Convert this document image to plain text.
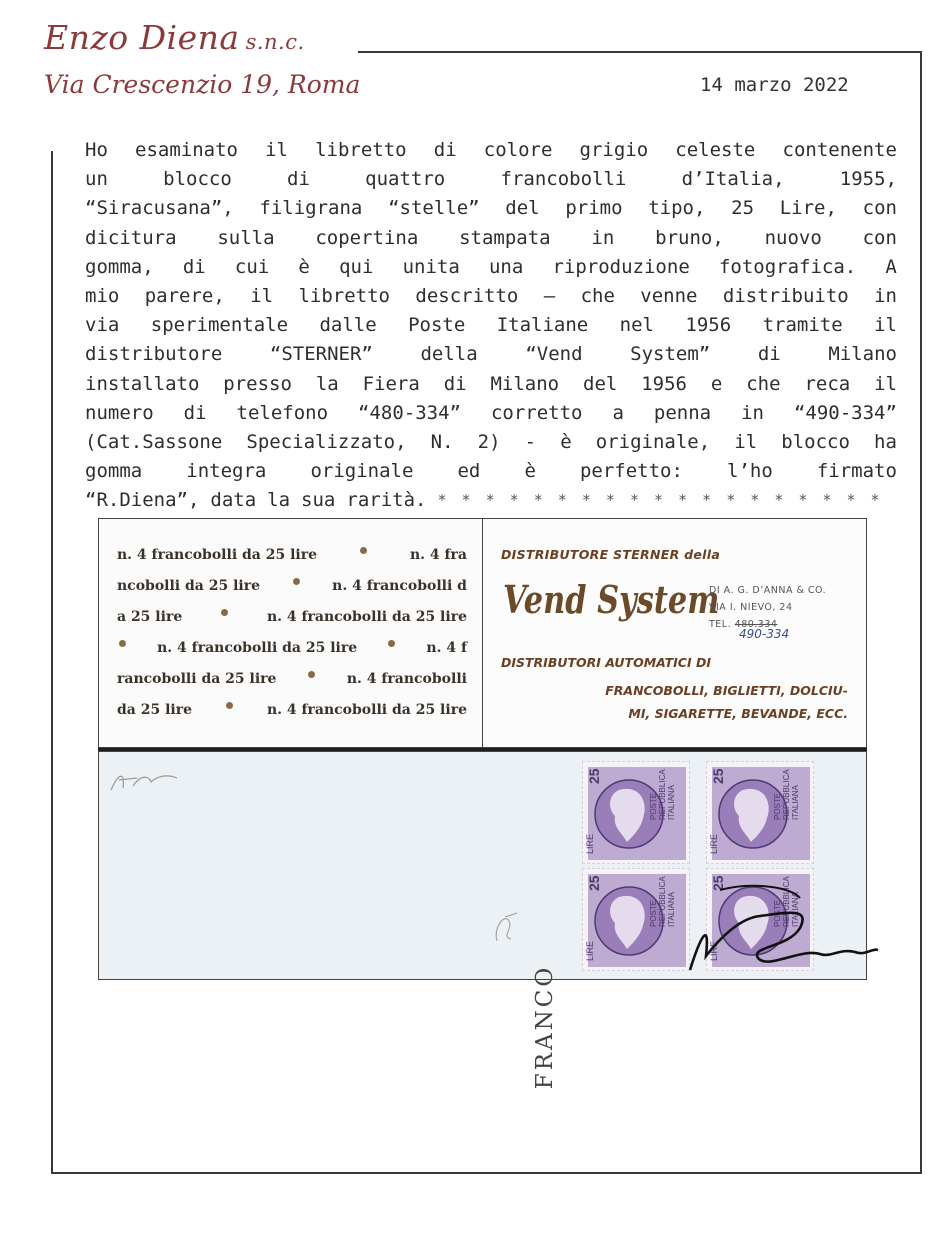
Enzo Diena s.n.c.
Via Crescenzio 19, Roma	14 marzo 2022
Ho esaminato il libretto di colore grigio celeste contenente
un	blocco	di	quattro	francobolli	d’Italia,	1955,
“Siracusana”, filigrana “stelle” del primo tipo, 25 Lire, con
dicitura sulla copertina stampata in bruno, nuovo con
gomma, di cui è qui unita una riproduzione fotografica. A
mio parere, il libretto descritto – che venne distribuito in
via sperimentale dalle Poste Italiane nel 1956 tramite il
distributore	“STERNER”	della	“Vend	System”	di	Milano
installato presso la Fiera di Milano del 1956 e che reca il
numero di telefono “480-334” corretto a penna in “490-334”
(Cat.Sassone Specializzato, N. 2) - è originale, il blocco ha
gomma integra originale ed è perfetto: l’ho firmato
“R.Diena”, data la sua rarità. * * * * * * * * * * * * * * * * * * *
n. 4 francobolli da 25 lire	n. 4 fra
ncobolli da 25 lire	n. 4 francobolli d
a 25 lire	n. 4 francobolli da 25 lire
n. 4 francobolli da 25 lire	n. 4 f
rancobolli da 25 lire	n. 4 francobolli
da 25 lire	n. 4 francobolli da 25 lire
DISTRIBUTORE STERNER della
Vend System
DI A. G. D’ANNA & CO.
VIA I. NIEVO, 24
TEL. 480.334
490-334
DISTRIBUTORI AUTOMATICI DI
FRANCOBOLLI, BIGLIETTI, DOLCIU-
MI, SIGARETTE, BEVANDE, ECC.
FRANCO
25
LIRE
POSTE
REPUBBLICA
ITALIANA
25
LIRE
POSTE
REPUBBLICA
ITALIANA
25
LIRE
POSTE
REPUBBLICA
ITALIANA
25
LIRE
POSTE
REPUBBLICA
ITALIANA
